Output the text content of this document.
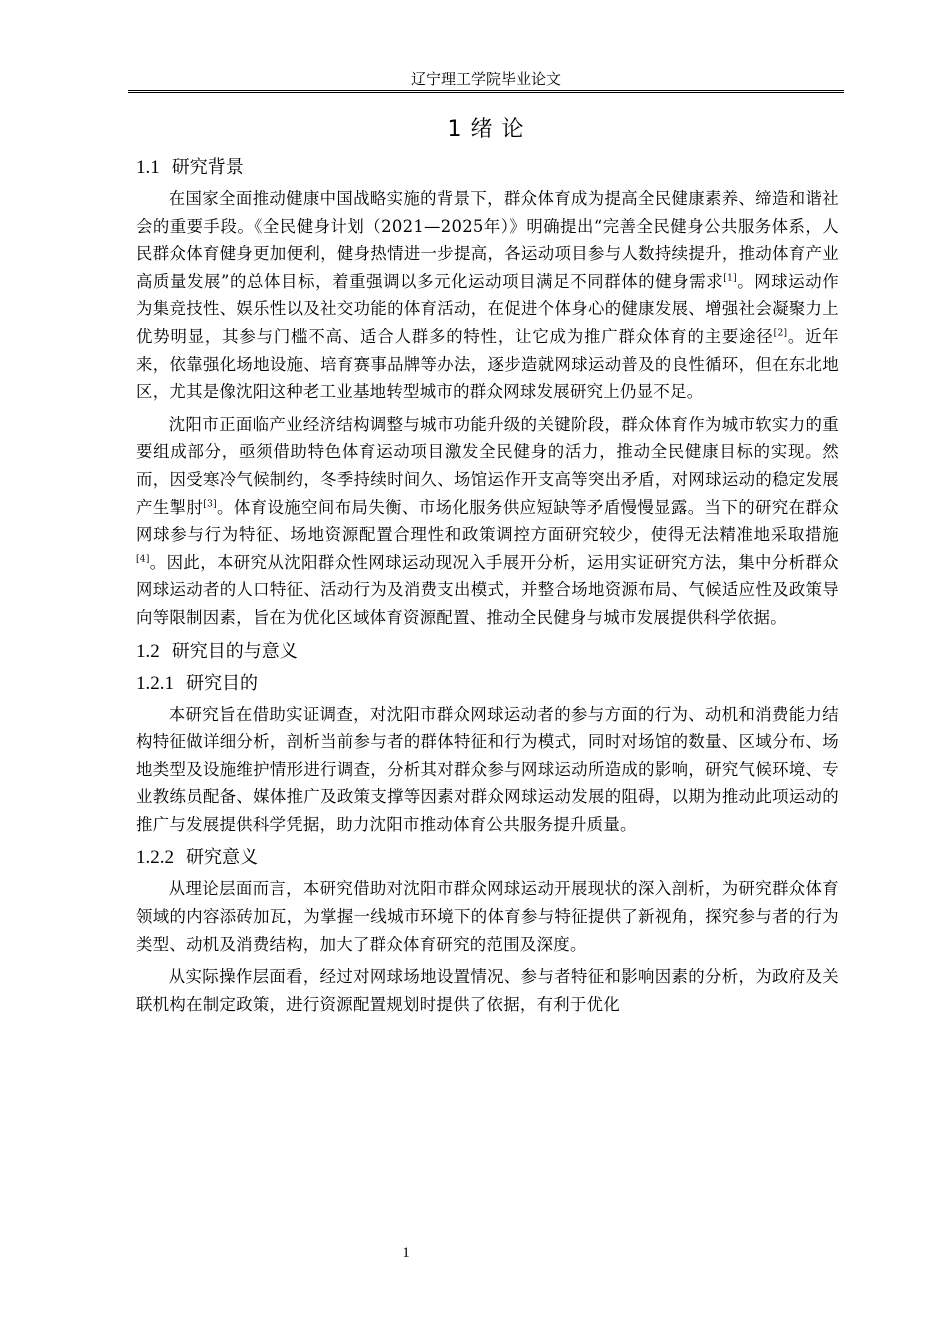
辽宁理工学院毕业论文
1 绪 论
1.1 研究背景

在国家全面推动健康中国战略实施的背景下，群众体育成为提高全民健康素养、缔造和谐社会的重要手段。《全民健身计划（2021—2025年）》明确提出“完善全民健身公共服务体系，人民群众体育健身更加便利，健身热情进一步提高，各运动项目参与人数持续提升，推动体育产业高质量发展”的总体目标，着重强调以多元化运动项目满足不同群体的健身需求[1]。网球运动作为集竞技性、娱乐性以及社交功能的体育活动，在促进个体身心的健康发展、增强社会凝聚力上优势明显，其参与门槛不高、适合人群多的特性，让它成为推广群众体育的主要途径[2]。近年来，依靠强化场地设施、培育赛事品牌等办法，逐步造就网球运动普及的良性循环，但在东北地区，尤其是像沈阳这种老工业基地转型城市的群众网球发展研究上仍显不足。

沈阳市正面临产业经济结构调整与城市功能升级的关键阶段，群众体育作为城市软实力的重要组成部分，亟须借助特色体育运动项目激发全民健身的活力，推动全民健康目标的实现。然而，因受寒冷气候制约，冬季持续时间久、场馆运作开支高等突出矛盾，对网球运动的稳定发展产生掣肘[3]。体育设施空间布局失衡、市场化服务供应短缺等矛盾慢慢显露。当下的研究在群众网球参与行为特征、场地资源配置合理性和政策调控方面研究较少，使得无法精准地采取措施[4]。因此，本研究从沈阳群众性网球运动现况入手展开分析，运用实证研究方法，集中分析群众网球运动者的人口特征、活动行为及消费支出模式，并整合场地资源布局、气候适应性及政策导向等限制因素，旨在为优化区域体育资源配置、推动全民健身与城市发展提供科学依据。

1.2 研究目的与意义
1.2.1 研究目的

本研究旨在借助实证调查，对沈阳市群众网球运动者的参与方面的行为、动机和消费能力结构特征做详细分析，剖析当前参与者的群体特征和行为模式，同时对场馆的数量、区域分布、场地类型及设施维护情形进行调查，分析其对群众参与网球运动所造成的影响，研究气候环境、专业教练员配备、媒体推广及政策支撑等因素对群众网球运动发展的阻碍，以期为推动此项运动的推广与发展提供科学凭据，助力沈阳市推动体育公共服务提升质量。

1.2.2 研究意义

从理论层面而言，本研究借助对沈阳市群众网球运动开展现状的深入剖析，为研究群众体育领域的内容添砖加瓦，为掌握一线城市环境下的体育参与特征提供了新视角，探究参与者的行为类型、动机及消费结构，加大了群众体育研究的范围及深度。

从实际操作层面看，经过对网球场地设置情况、参与者特征和影响因素的分析，为政府及关联机构在制定政策，进行资源配置规划时提供了依据，有利于优化

1
